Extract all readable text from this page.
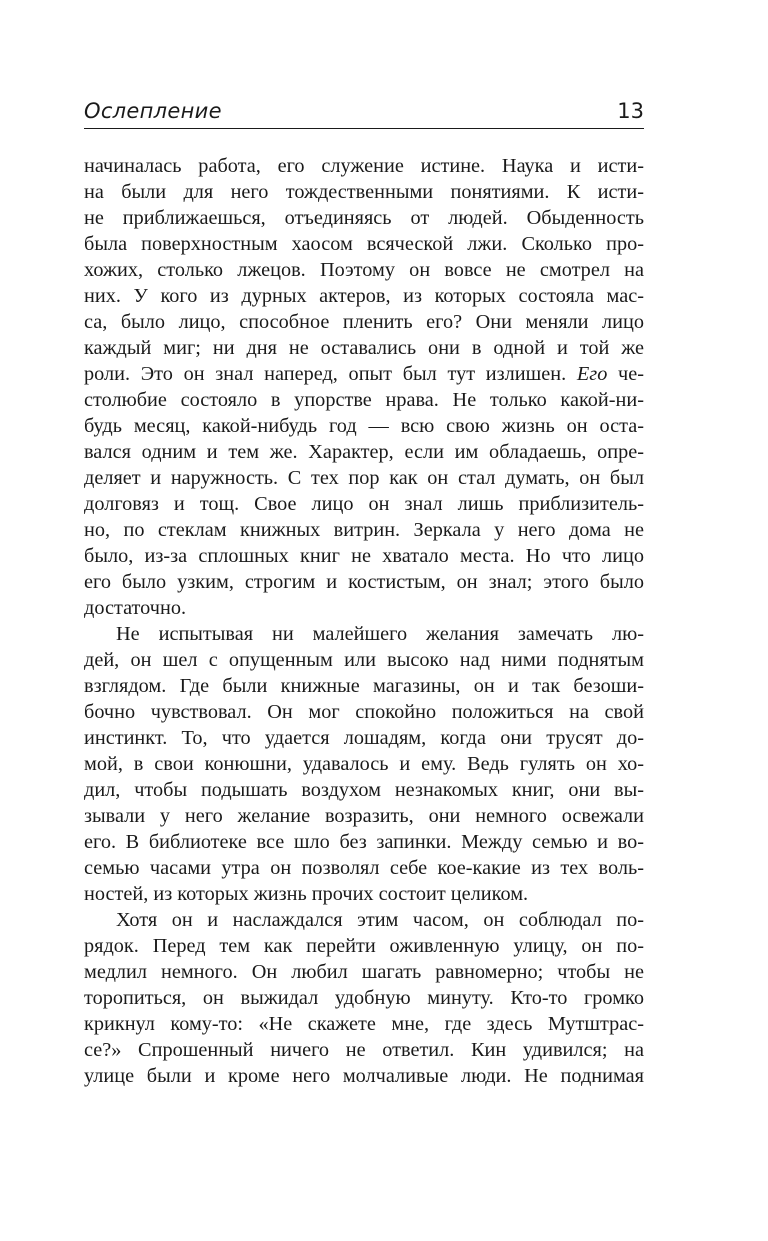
Ослепление	13
начиналась работа, его служение истине. Наука и исти-
на были для него тождественными понятиями. К исти-
не приближаешься, отъединяясь от людей. Обыденность
была поверхностным хаосом всяческой лжи. Сколько про-
хожих, столько лжецов. Поэтому он вовсе не смотрел на
них. У кого из дурных актеров, из которых состояла мас-
са, было лицо, способное пленить его? Они меняли лицо
каждый миг; ни дня не оставались они в одной и той же
роли. Это он знал наперед, опыт был тут излишен. Его че-
столюбие состояло в упорстве нрава. Не только какой-ни-
будь месяц, какой-нибудь год — всю свою жизнь он оста-
вался одним и тем же. Характер, если им обладаешь, опре-
деляет и наружность. С тех пор как он стал думать, он был
долговяз и тощ. Свое лицо он знал лишь приблизитель-
но, по стеклам книжных витрин. Зеркала у него дома не
было, из-за сплошных книг не хватало места. Но что лицо
его было узким, строгим и костистым, он знал; этого было
достаточно.
Не испытывая ни малейшего желания замечать лю-
дей, он шел с опущенным или высоко над ними поднятым
взглядом. Где были книжные магазины, он и так безоши-
бочно чувствовал. Он мог спокойно положиться на свой
инстинкт. То, что удается лошадям, когда они трусят до-
мой, в свои конюшни, удавалось и ему. Ведь гулять он хо-
дил, чтобы подышать воздухом незнакомых книг, они вы-
зывали у него желание возразить, они немного освежали
его. В библиотеке все шло без запинки. Между семью и во-
семью часами утра он позволял себе кое-какие из тех воль-
ностей, из которых жизнь прочих состоит целиком.
Хотя он и наслаждался этим часом, он соблюдал по-
рядок. Перед тем как перейти оживленную улицу, он по-
медлил немного. Он любил шагать равномерно; чтобы не
торопиться, он выжидал удобную минуту. Кто-то громко
крикнул кому-то: «Не скажете мне, где здесь Мутштрас-
се?» Спрошенный ничего не ответил. Кин удивился; на
улице были и кроме него молчаливые люди. Не поднимая
